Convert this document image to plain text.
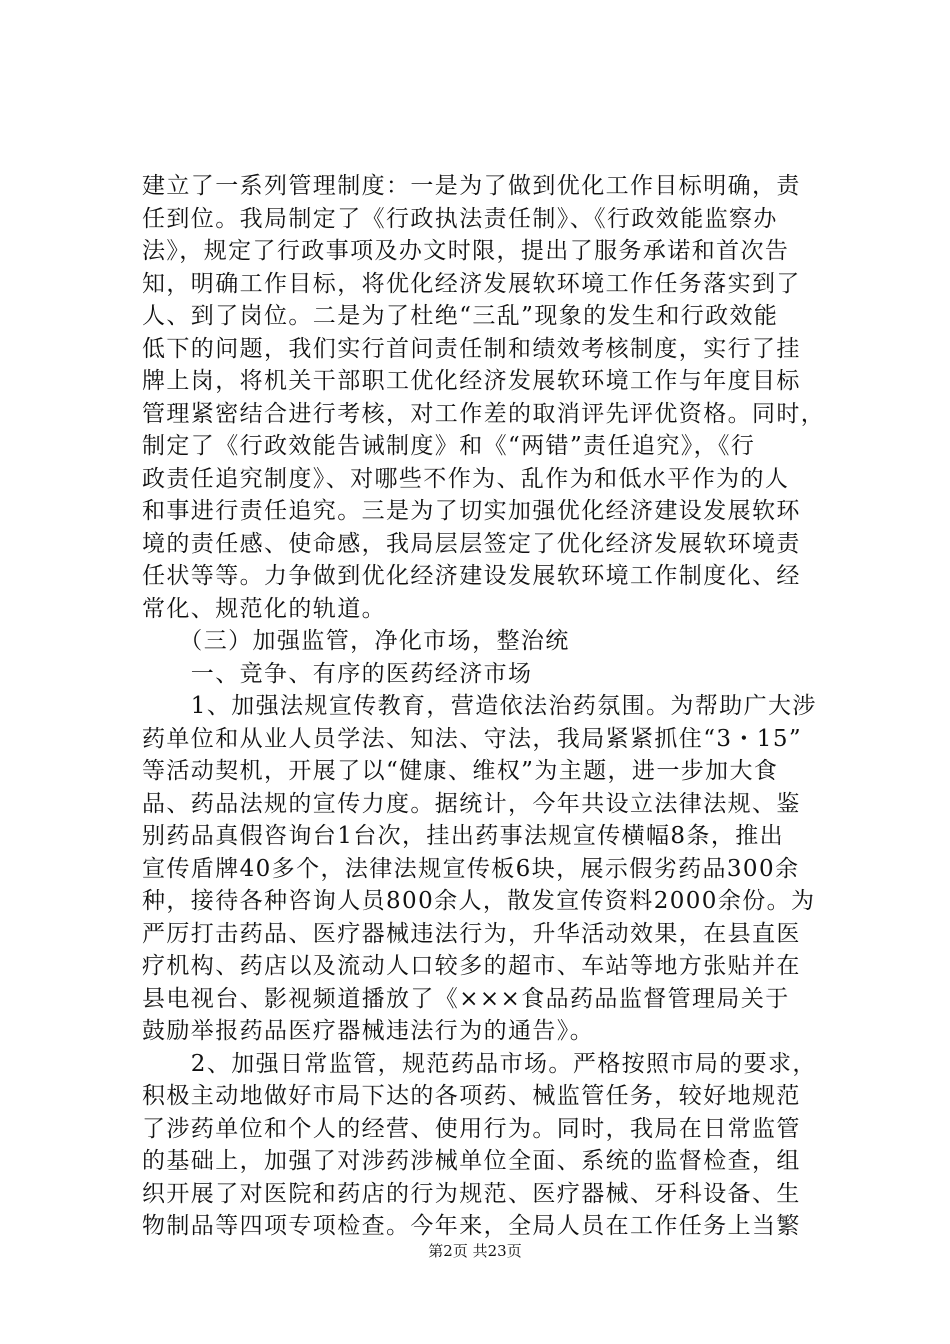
建立了一系列管理制度：一是为了做到优化工作目标明确，责
任到位。我局制定了《行政执法责任制》、《行政效能监察办
法》，规定了行政事项及办文时限，提出了服务承诺和首次告
知，明确工作目标，将优化经济发展软环境工作任务落实到了
人、到了岗位。二是为了杜绝“三乱”现象的发生和行政效能
低下的问题，我们实行首问责任制和绩效考核制度，实行了挂
牌上岗，将机关干部职工优化经济发展软环境工作与年度目标
管理紧密结合进行考核，对工作差的取消评先评优资格。同时，
制定了《行政效能告诫制度》和《“两错”责任追究》，《行
政责任追究制度》、对哪些不作为、乱作为和低水平作为的人
和事进行责任追究。三是为了切实加强优化经济建设发展软环
境的责任感、使命感，我局层层签定了优化经济发展软环境责
任状等等。力争做到优化经济建设发展软环境工作制度化、经
常化、规范化的轨道。
　　（三）加强监管，净化市场，整治统
　　一、竞争、有序的医药经济市场
　　1、加强法规宣传教育，营造依法治药氛围。为帮助广大涉
药单位和从业人员学法、知法、守法，我局紧紧抓住“3・15”
等活动契机，开展了以“健康、维权”为主题，进一步加大食
品、药品法规的宣传力度。据统计，今年共设立法律法规、鉴
别药品真假咨询台1台次，挂出药事法规宣传横幅8条，推出
宣传盾牌40多个，法律法规宣传板6块，展示假劣药品300余
种，接待各种咨询人员800余人，散发宣传资料2000余份。为
严厉打击药品、医疗器械违法行为，升华活动效果，在县直医
疗机构、药店以及流动人口较多的超市、车站等地方张贴并在
县电视台、影视频道播放了《×××食品药品监督管理局关于
鼓励举报药品医疗器械违法行为的通告》。
　　2、加强日常监管，规范药品市场。严格按照市局的要求，
积极主动地做好市局下达的各项药、械监管任务，较好地规范
了涉药单位和个人的经营、使用行为。同时，我局在日常监管
的基础上，加强了对涉药涉械单位全面、系统的监督检查，组
织开展了对医院和药店的行为规范、医疗器械、牙科设备、生
物制品等四项专项检查。今年来，全局人员在工作任务上当繁
第2页 共23页
